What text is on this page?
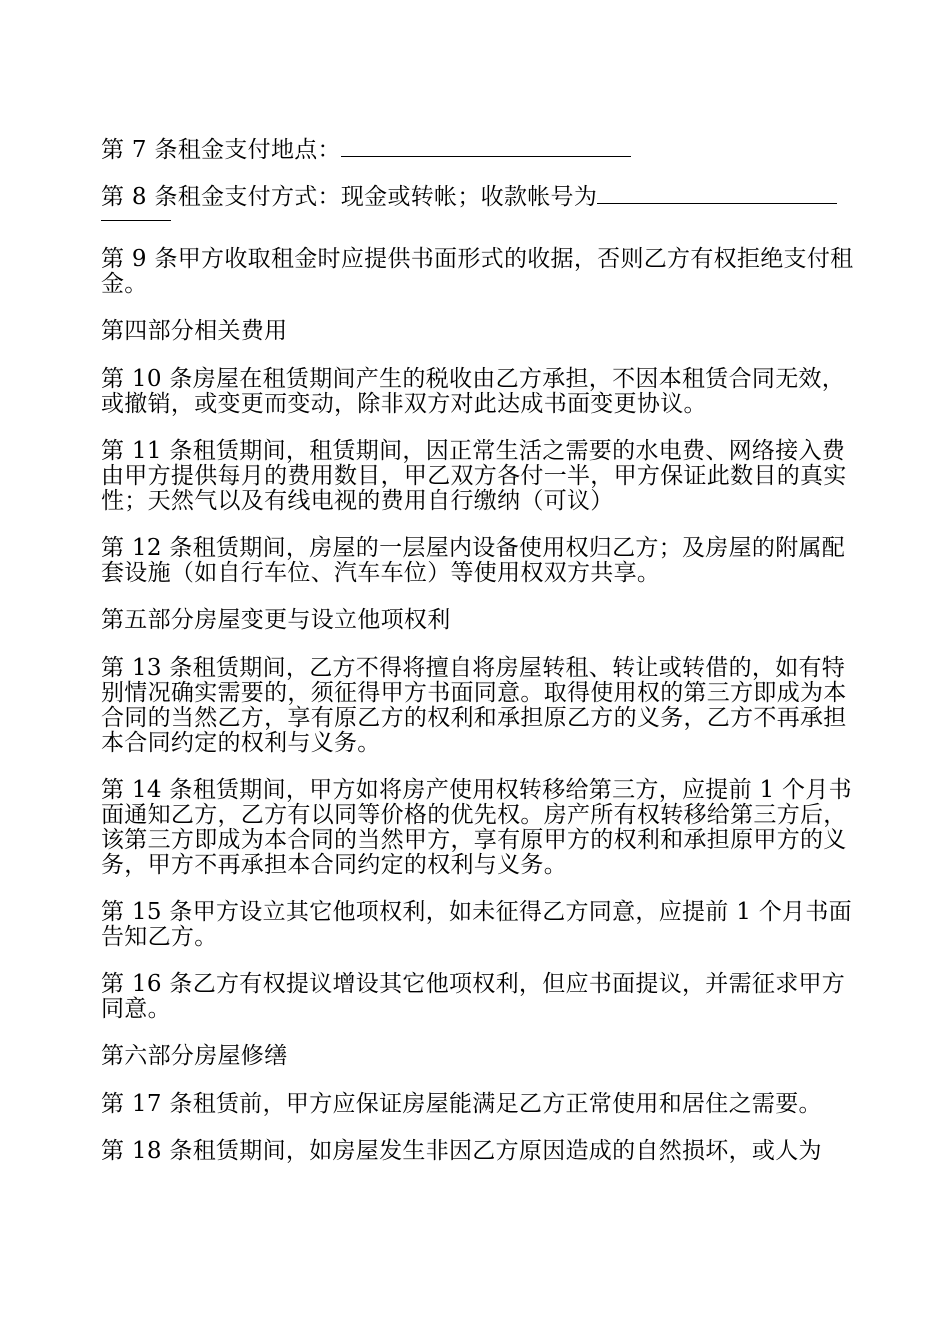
第 7 条租金支付地点：

第 8 条租金支付方式：现金或转帐；收款帐号为

第 9 条甲方收取租金时应提供书面形式的收据，否则乙方有权拒绝支付租金。

第四部分相关费用

第 10 条房屋在租赁期间产生的税收由乙方承担，不因本租赁合同无效，或撤销，或变更而变动，除非双方对此达成书面变更协议。

第 11 条租赁期间，租赁期间，因正常生活之需要的水电费、网络接入费由甲方提供每月的费用数目，甲乙双方各付一半，甲方保证此数目的真实性；天然气以及有线电视的费用自行缴纳（可议）

第 12 条租赁期间，房屋的一层屋内设备使用权归乙方；及房屋的附属配套设施（如自行车位、汽车车位）等使用权双方共享。

第五部分房屋变更与设立他项权利

第 13 条租赁期间，乙方不得将擅自将房屋转租、转让或转借的，如有特别情况确实需要的，须征得甲方书面同意。取得使用权的第三方即成为本合同的当然乙方，享有原乙方的权利和承担原乙方的义务，乙方不再承担本合同约定的权利与义务。

第 14 条租赁期间，甲方如将房产使用权转移给第三方，应提前 1 个月书面通知乙方，乙方有以同等价格的优先权。房产所有权转移给第三方后，该第三方即成为本合同的当然甲方，享有原甲方的权利和承担原甲方的义务，甲方不再承担本合同约定的权利与义务。

第 15 条甲方设立其它他项权利，如未征得乙方同意，应提前 1 个月书面告知乙方。

第 16 条乙方有权提议增设其它他项权利，但应书面提议，并需征求甲方同意。

第六部分房屋修缮

第 17 条租赁前，甲方应保证房屋能满足乙方正常使用和居住之需要。

第 18 条租赁期间，如房屋发生非因乙方原因造成的自然损坏，或人为
